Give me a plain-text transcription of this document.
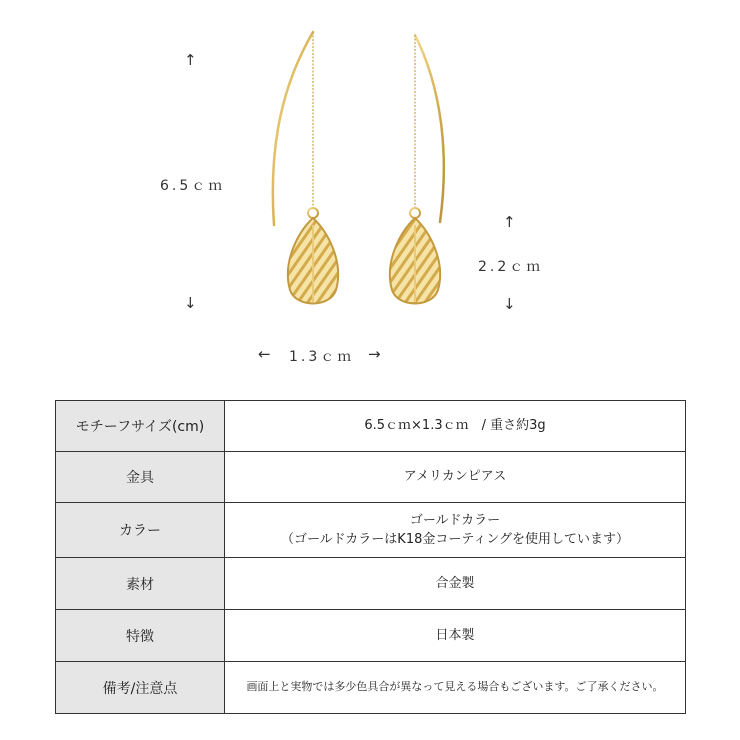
↑
6.5ｃｍ
↓
↑
2.2ｃｍ
↓
← 1.3ｃｍ →
モチーフサイズ(cm)	6.5ｃｍ×1.3ｃｍ　/ 重さ約3g

金具	アメリカンピアス

カラー	ゴールドカラー
（ゴールドカラーはK18金コーティングを使用しています）

素材	合金製

特徴	日本製

備考/注意点	画面上と実物では多少色具合が異なって見える場合もございます。ご了承ください。
